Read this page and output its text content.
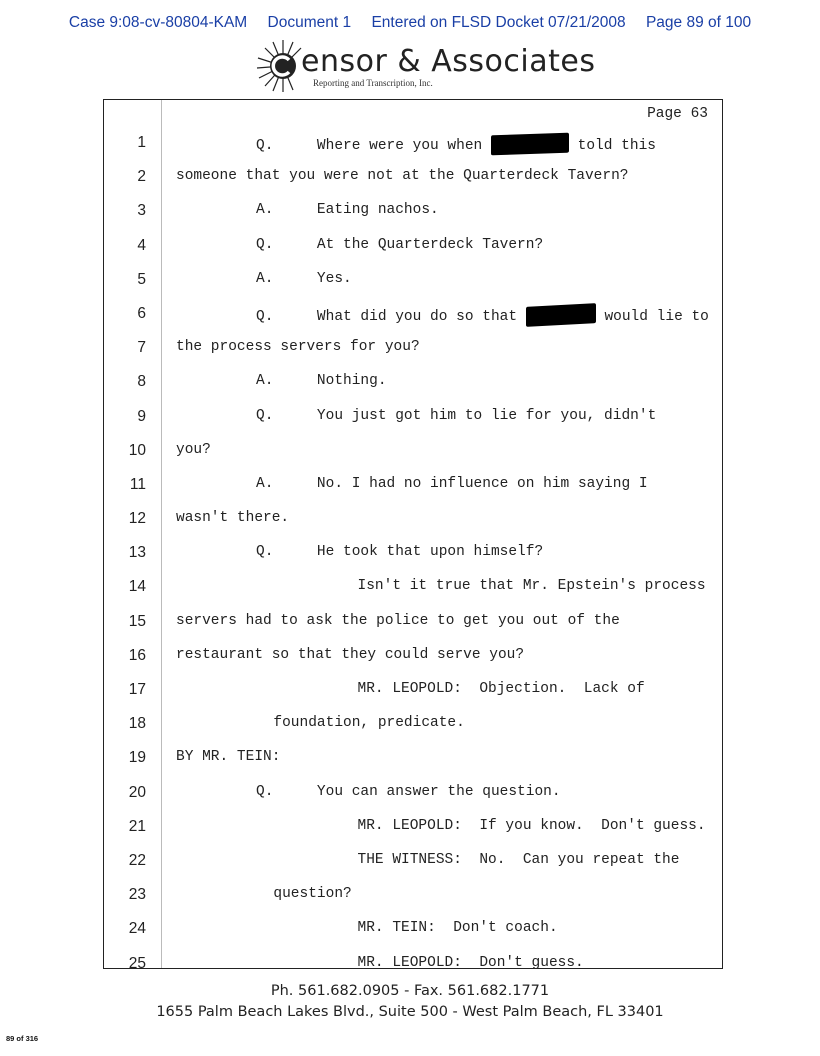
Case 9:08-cv-80804-KAM Document 1 Entered on FLSD Docket 07/21/2008 Page 89 of 100
ensor & Associates
Reporting and Transcription, Inc.
Page 63
1	Q.     Where were you when	told this
2 someone that you were not at the Quarterdeck Tavern?
3	A.     Eating nachos.
4	Q.     At the Quarterdeck Tavern?
5	A.     Yes.
6	Q.     What did you do so that	would lie to
7 the process servers for you?
8	A.     Nothing.
9	Q.     You just got him to lie for you, didn't
10 you?
11	A.     No. I had no influence on him saying I
12 wasn't there.
13	Q.     He took that upon himself?
14	Isn't it true that Mr. Epstein's process
15 servers had to ask the police to get you out of the
16 restaurant so that they could serve you?
17	MR. LEOPOLD:  Objection.  Lack of
18	foundation, predicate.
19 BY MR. TEIN:
20	Q.     You can answer the question.
21	MR. LEOPOLD:  If you know.  Don't guess.
22	THE WITNESS:  No.  Can you repeat the
23	question?
24	MR. TEIN:  Don't coach.
25	MR. LEOPOLD:  Don't guess.
Ph. 561.682.0905 - Fax. 561.682.1771
1655 Palm Beach Lakes Blvd., Suite 500 - West Palm Beach, FL 33401
89 of 316
